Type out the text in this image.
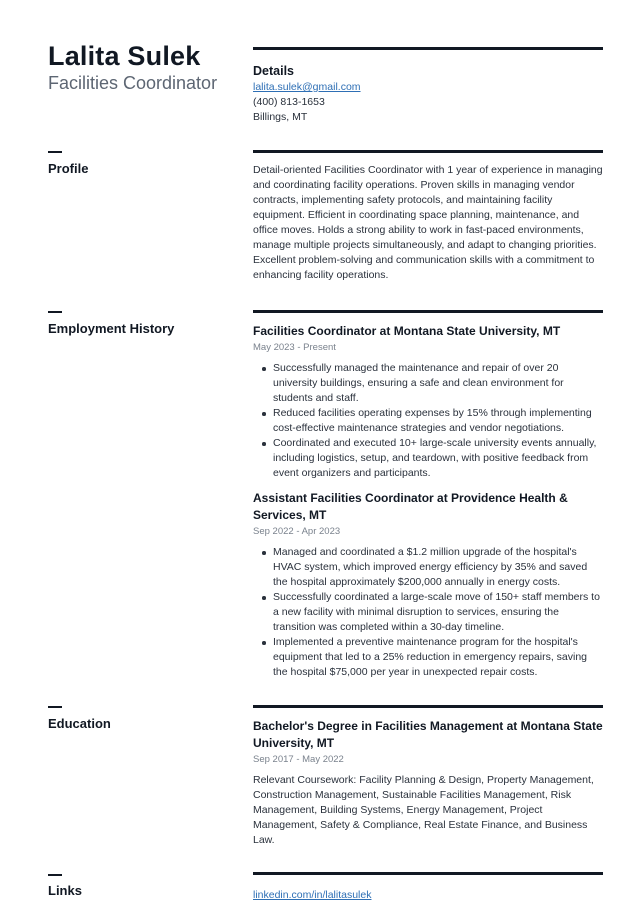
Lalita Sulek
Facilities Coordinator
Details
lalita.sulek@gmail.com
(400) 813-1653
Billings, MT
Profile	Detail-oriented Facilities Coordinator with 1 year of experience in managing and coordinating facility operations. Proven skills in managing vendor contracts, implementing safety protocols, and maintaining facility equipment. Efficient in coordinating space planning, maintenance, and office moves. Holds a strong ability to work in fast-paced environments, manage multiple projects simultaneously, and adapt to changing priorities. Excellent problem-solving and communication skills with a commitment to enhancing facility operations.
Employment History	Facilities Coordinator at Montana State University, MT
May 2023 - Present
Successfully managed the maintenance and repair of over 20 university buildings, ensuring a safe and clean environment for students and staff.
Reduced facilities operating expenses by 15% through implementing cost-effective maintenance strategies and vendor negotiations.
Coordinated and executed 10+ large-scale university events annually, including logistics, setup, and teardown, with positive feedback from event organizers and participants.
Assistant Facilities Coordinator at Providence Health & Services, MT
Sep 2022 - Apr 2023
Managed and coordinated a $1.2 million upgrade of the hospital's HVAC system, which improved energy efficiency by 35% and saved the hospital approximately $200,000 annually in energy costs.
Successfully coordinated a large-scale move of 150+ staff members to a new facility with minimal disruption to services, ensuring the transition was completed within a 30-day timeline.
Implemented a preventive maintenance program for the hospital's equipment that led to a 25% reduction in emergency repairs, saving the hospital $75,000 per year in unexpected repair costs.
Education	Bachelor's Degree in Facilities Management at Montana State University, MT
Sep 2017 - May 2022
Relevant Coursework: Facility Planning & Design, Property Management, Construction Management, Sustainable Facilities Management, Risk Management, Building Systems, Energy Management, Project Management, Safety & Compliance, Real Estate Finance, and Business Law.
Links	linkedin.com/in/lalitasulek
